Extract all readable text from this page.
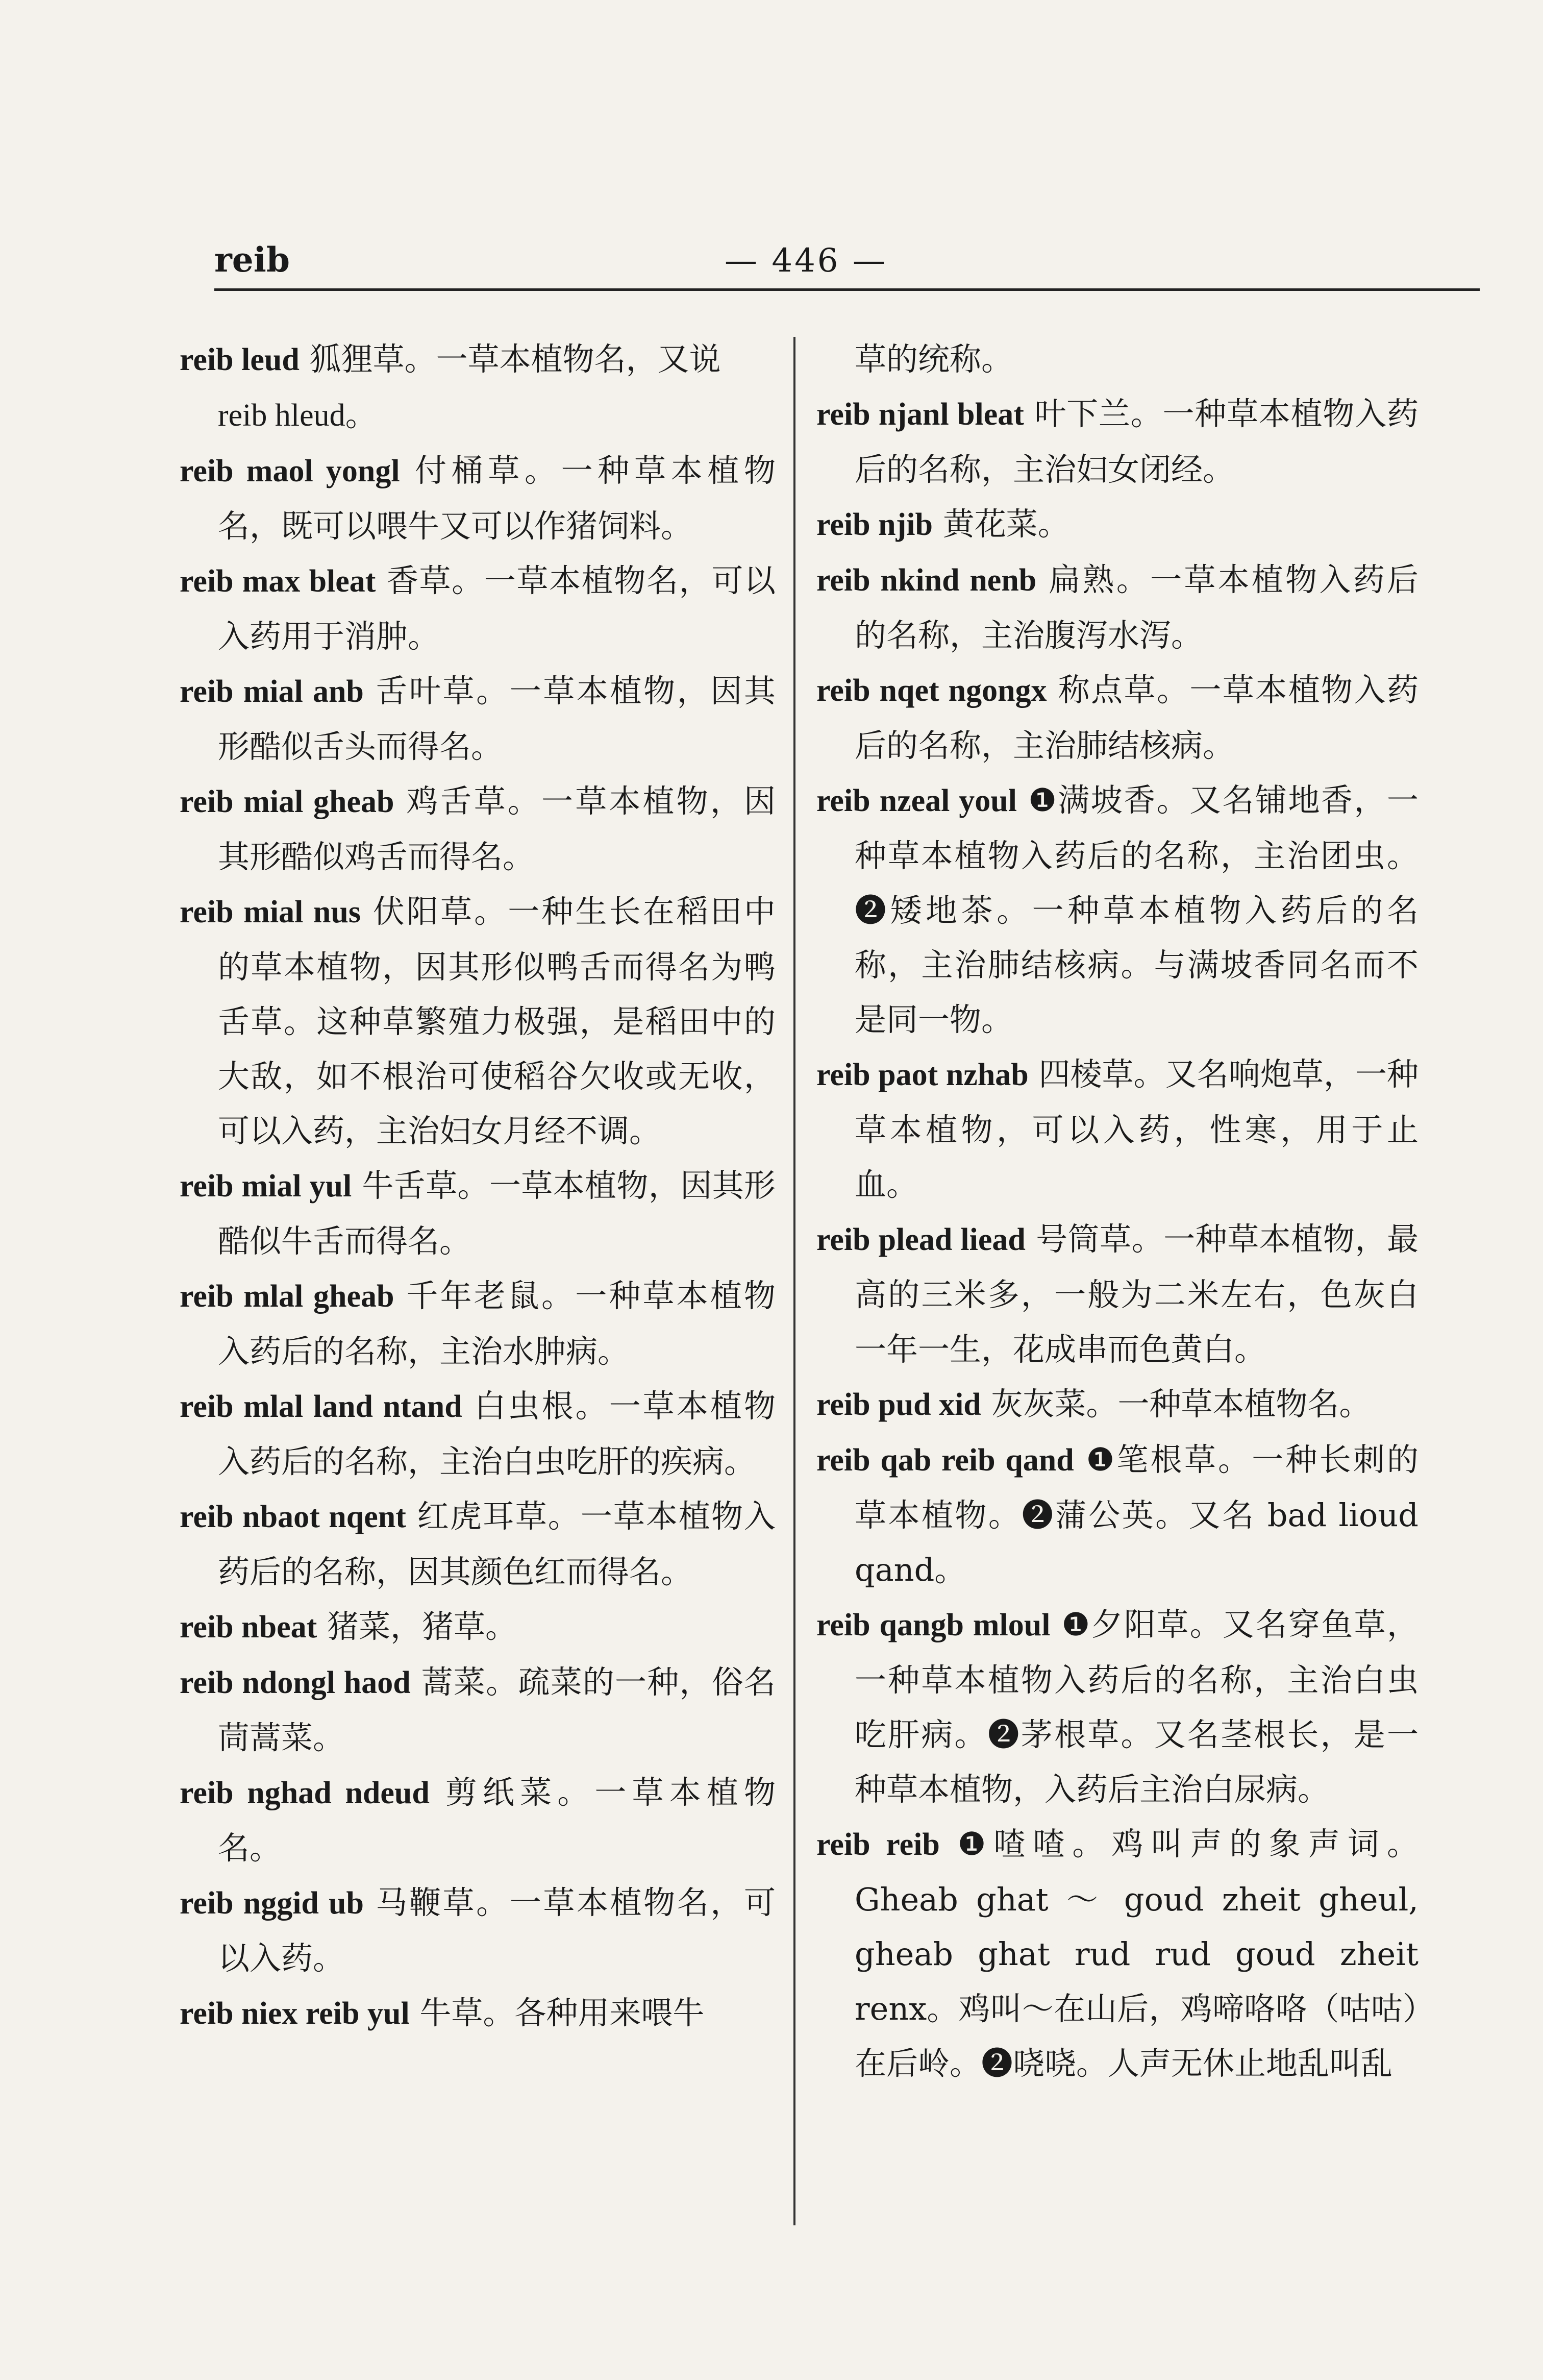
reib	— 446 —

reib leud 狐狸草。一草本植物名，又说
reib hleud。

reib maol yongl 付桶草。一种草本植物名，既可以喂牛又可以作猪饲料。

reib max bleat 香草。一草本植物名，可以入药用于消肿。

reib mial anb 舌叶草。一草本植物，因其形酷似舌头而得名。

reib mial gheab 鸡舌草。一草本植物，因其形酷似鸡舌而得名。

reib mial nus 伏阳草。一种生长在稻田中的草本植物，因其形似鸭舌而得名为鸭舌草。这种草繁殖力极强，是稻田中的大敌，如不根治可使稻谷欠收或无收，可以入药，主治妇女月经不调。

reib mial yul 牛舌草。一草本植物，因其形酷似牛舌而得名。

reib mlal gheab 千年老鼠。一种草本植物入药后的名称，主治水肿病。

reib mlal land ntand 白虫根。一草本植物入药后的名称，主治白虫吃肝的疾病。

reib nbaot nqent 红虎耳草。一草本植物入药后的名称，因其颜色红而得名。

reib nbeat 猪菜，猪草。

reib ndongl haod 蒿菜。疏菜的一种，俗名茼蒿菜。

reib nghad ndeud 剪纸菜。一草本植物名。

reib nggid ub 马鞭草。一草本植物名，可以入药。

reib niex reib yul 牛草。各种用来喂牛

草的统称。

reib njanl bleat 叶下兰。一种草本植物入药后的名称，主治妇女闭经。

reib njib 黄花菜。

reib nkind nenb 扁熟。一草本植物入药后的名称，主治腹泻水泻。

reib nqet ngongx 称点草。一草本植物入药后的名称，主治肺结核病。

reib nzeal youl ❶满坡香。又名铺地香，一种草本植物入药后的名称，主治团虫。❷矮地茶。一种草本植物入药后的名称，主治肺结核病。与满坡香同名而不是同一物。

reib paot nzhab 四棱草。又名响炮草，一种草本植物，可以入药，性寒，用于止血。

reib plead liead 号筒草。一种草本植物，最高的三米多，一般为二米左右，色灰白一年一生，花成串而色黄白。

reib pud xid 灰灰菜。一种草本植物名。

reib qab reib qand ❶笔根草。一种长刺的草本植物。❷蒲公英。又名 bad lioud qand。

reib qangb mloul ❶夕阳草。又名穿鱼草，一种草本植物入药后的名称，主治白虫吃肝病。❷茅根草。又名茎根长，是一种草本植物，入药后主治白尿病。

reib reib ❶喳喳。鸡叫声的象声词。Gheab ghat ～ goud zheit gheul, gheab ghat rud rud goud zheit renx。鸡叫～在山后，鸡啼咯咯（咕咕）在后岭。❷哓哓。人声无休止地乱叫乱
